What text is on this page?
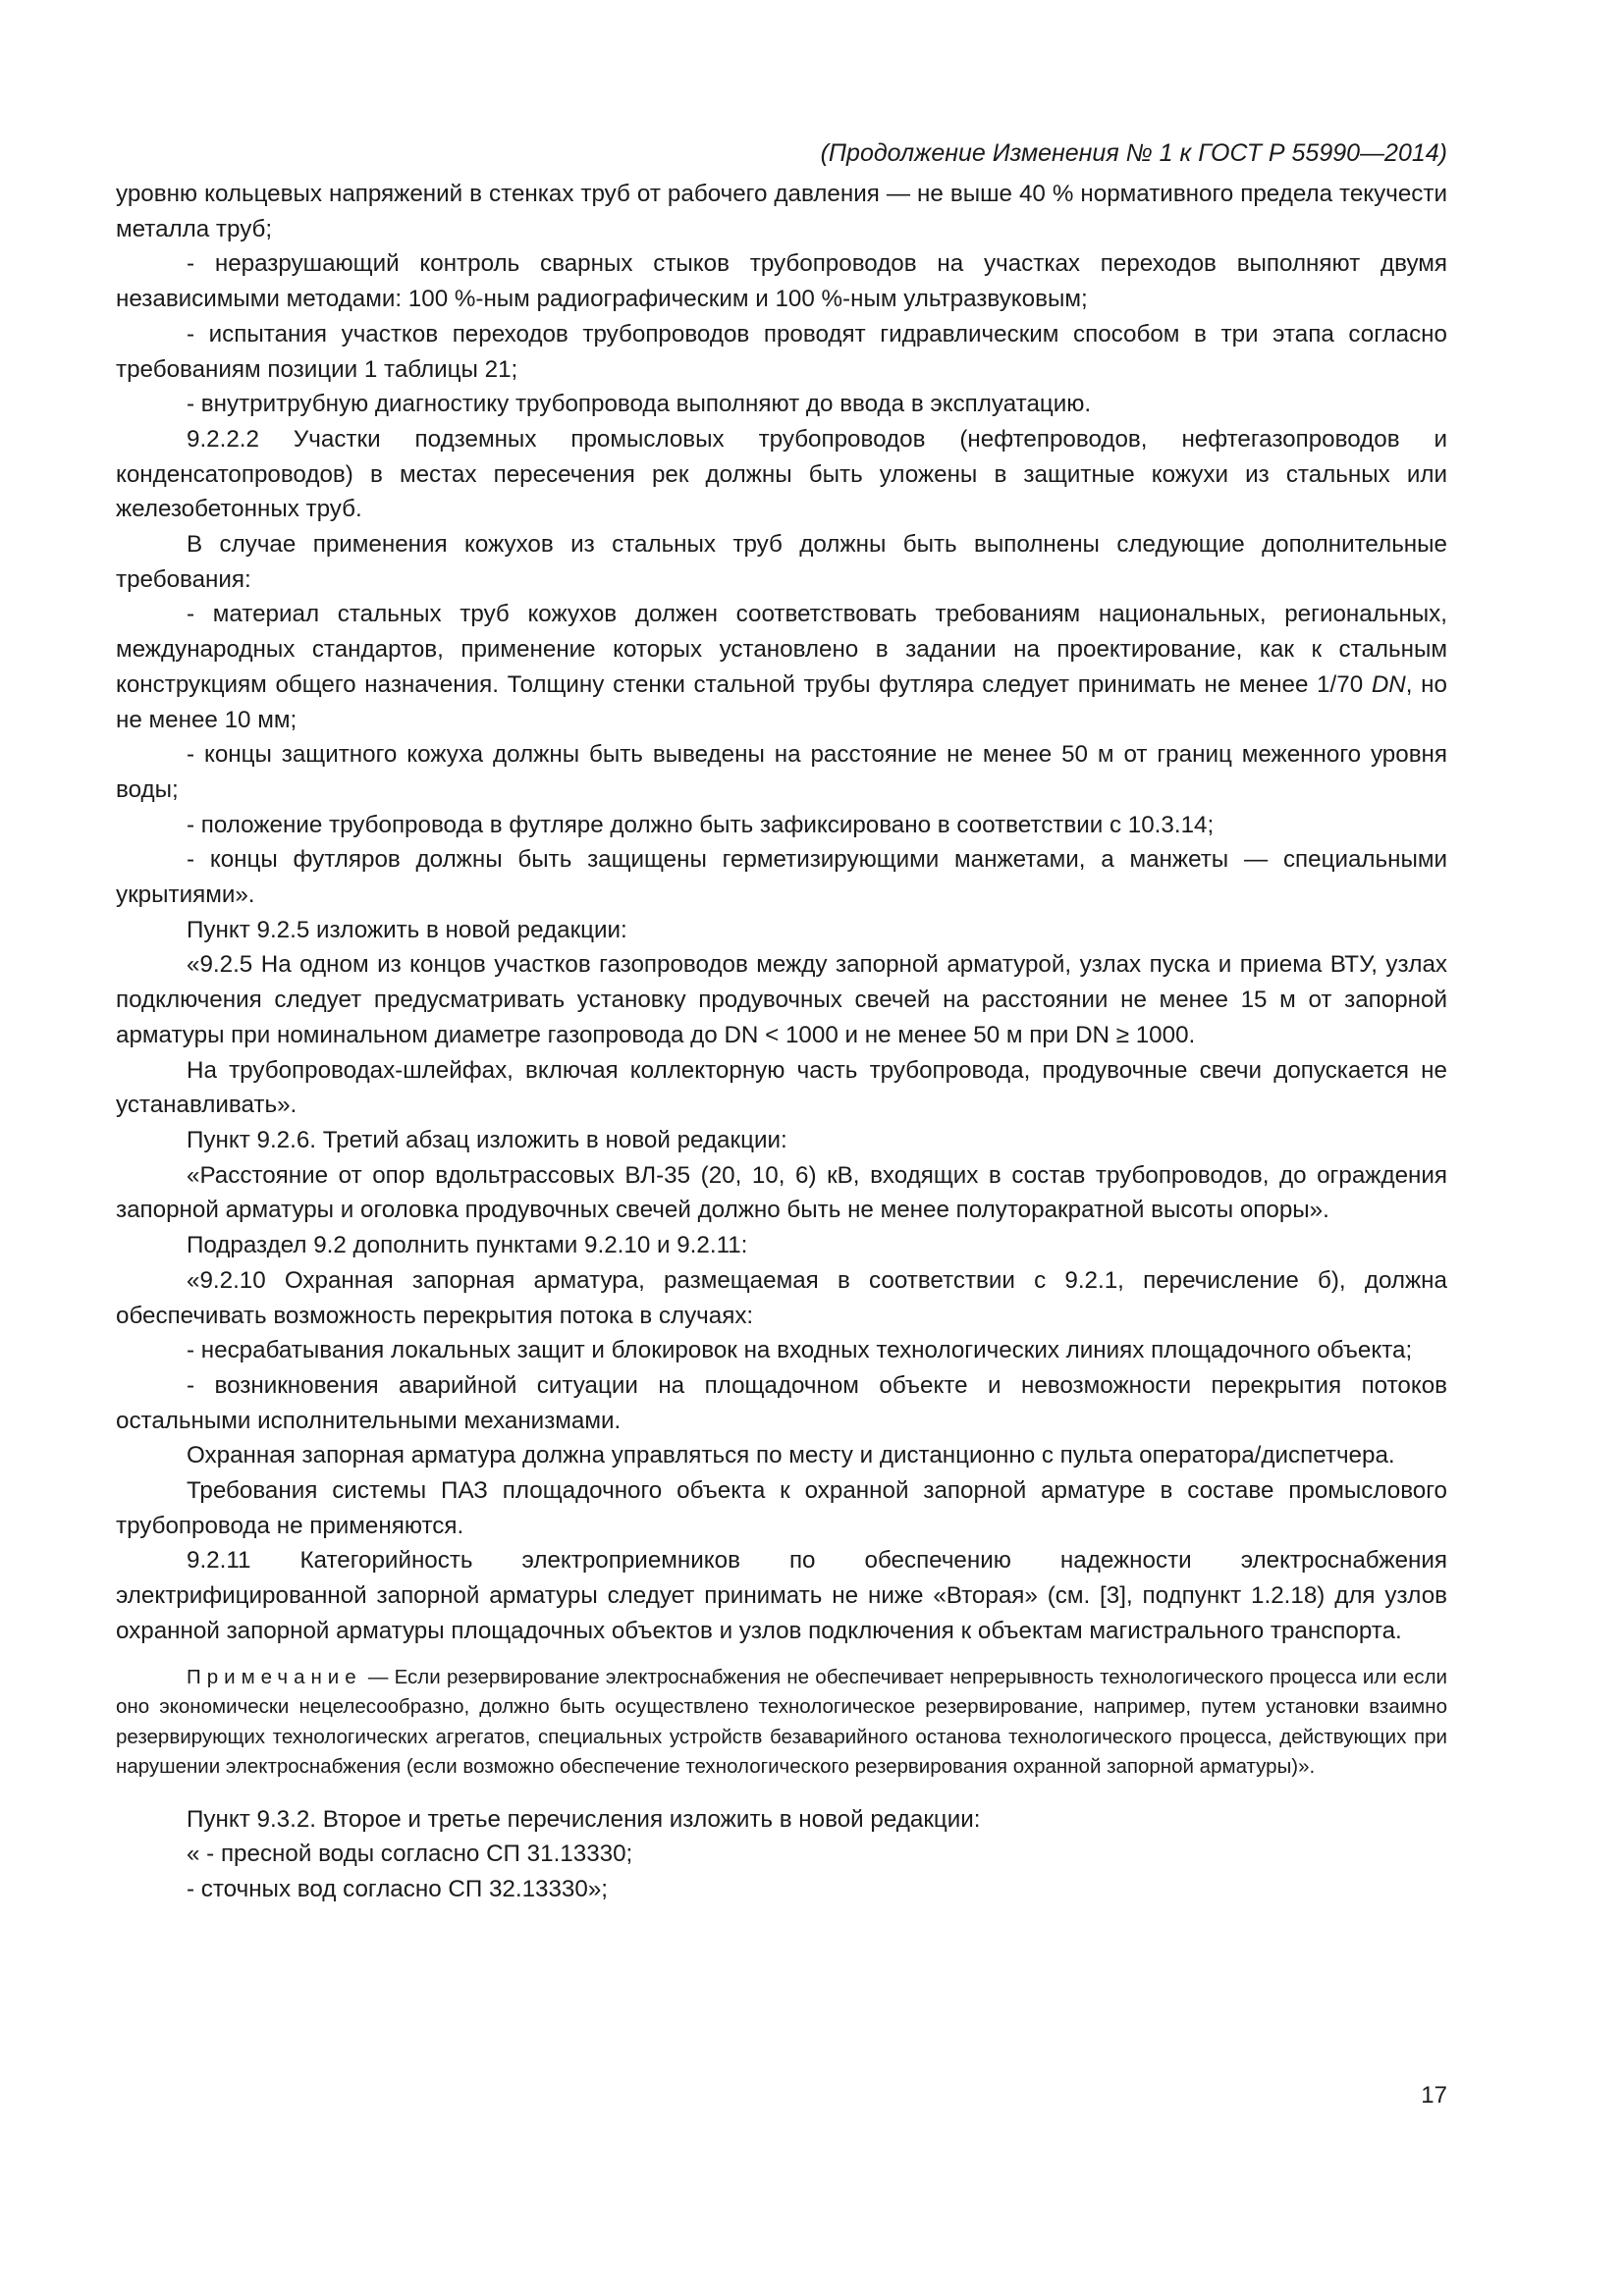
(Продолжение Изменения № 1 к ГОСТ Р 55990—2014)

уровню кольцевых напряжений в стенках труб от рабочего давления — не выше 40 % нормативного предела текучести металла труб;

- неразрушающий контроль сварных стыков трубопроводов на участках переходов выполняют двумя независимыми методами: 100 %-ным радиографическим и 100 %-ным ультразвуковым;

- испытания участков переходов трубопроводов проводят гидравлическим способом в три этапа согласно требованиям позиции 1 таблицы 21;

- внутритрубную диагностику трубопровода выполняют до ввода в эксплуатацию.

9.2.2.2 Участки подземных промысловых трубопроводов (нефтепроводов, нефтегазопроводов и конденсатопроводов) в местах пересечения рек должны быть уложены в защитные кожухи из стальных или железобетонных труб.

В случае применения кожухов из стальных труб должны быть выполнены следующие дополнительные требования:

- материал стальных труб кожухов должен соответствовать требованиям национальных, региональных, международных стандартов, применение которых установлено в задании на проектирование, как к стальным конструкциям общего назначения. Толщину стенки стальной трубы футляра следует принимать не менее 1/70 DN, но не менее 10 мм;

- концы защитного кожуха должны быть выведены на расстояние не менее 50 м от границ меженного уровня воды;

- положение трубопровода в футляре должно быть зафиксировано в соответствии с 10.3.14;

- концы футляров должны быть защищены герметизирующими манжетами, а манжеты — специальными укрытиями».

Пункт 9.2.5 изложить в новой редакции:

«9.2.5 На одном из концов участков газопроводов между запорной арматурой, узлах пуска и приема ВТУ, узлах подключения следует предусматривать установку продувочных свечей на расстоянии не менее 15 м от запорной арматуры при номинальном диаметре газопровода до DN < 1000 и не менее 50 м при DN ≥ 1000.

На трубопроводах-шлейфах, включая коллекторную часть трубопровода, продувочные свечи допускается не устанавливать».

Пункт 9.2.6. Третий абзац изложить в новой редакции:

«Расстояние от опор вдольтрассовых ВЛ-35 (20, 10, 6) кВ, входящих в состав трубопроводов, до ограждения запорной арматуры и оголовка продувочных свечей должно быть не менее полуторакратной высоты опоры».

Подраздел 9.2 дополнить пунктами 9.2.10 и 9.2.11:

«9.2.10 Охранная запорная арматура, размещаемая в соответствии с 9.2.1, перечисление б), должна обеспечивать возможность перекрытия потока в случаях:

- несрабатывания локальных защит и блокировок на входных технологических линиях площадочного объекта;

- возникновения аварийной ситуации на площадочном объекте и невозможности перекрытия потоков остальными исполнительными механизмами.

Охранная запорная арматура должна управляться по месту и дистанционно с пульта оператора/диспетчера.

Требования системы ПАЗ площадочного объекта к охранной запорной арматуре в составе промыслового трубопровода не применяются.

9.2.11 Категорийность электроприемников по обеспечению надежности электроснабжения электрифицированной запорной арматуры следует принимать не ниже «Вторая» (см. [3], подпункт 1.2.18) для узлов охранной запорной арматуры площадочных объектов и узлов подключения к объектам магистрального транспорта.

Примечание — Если резервирование электроснабжения не обеспечивает непрерывность технологического процесса или если оно экономически нецелесообразно, должно быть осуществлено технологическое резервирование, например, путем установки взаимно резервирующих технологических агрегатов, специальных устройств безаварийного останова технологического процесса, действующих при нарушении электроснабжения (если возможно обеспечение технологического резервирования охранной запорной арматуры)».

Пункт 9.3.2. Второе и третье перечисления изложить в новой редакции:

« - пресной воды согласно СП 31.13330;

- сточных вод согласно СП 32.13330»;

17
